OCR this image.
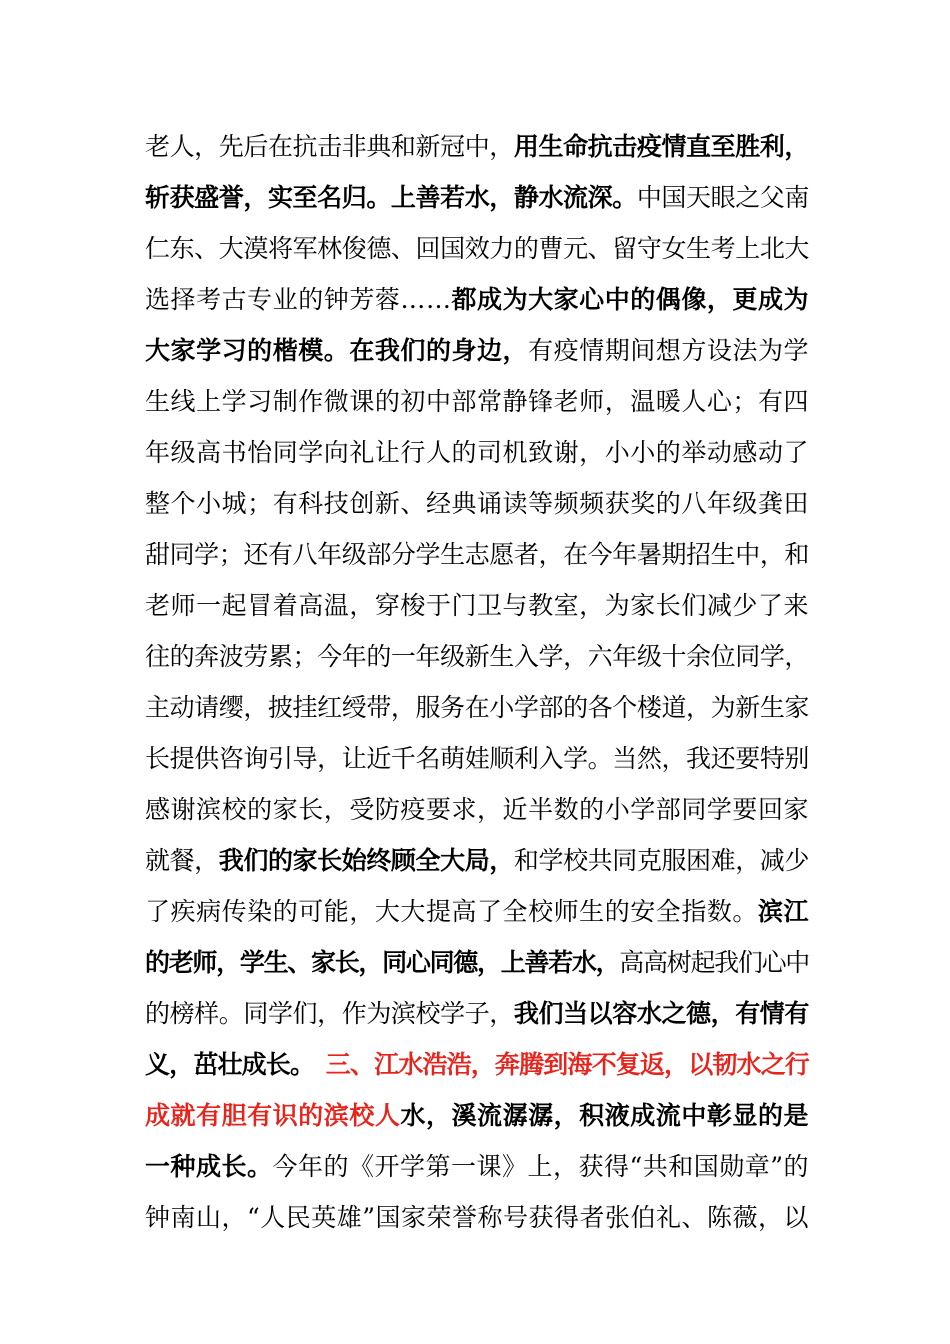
老人，先后在抗击非典和新冠中，用生命抗击疫情直至胜利，
斩获盛誉，实至名归。上善若水，静水流深。中国天眼之父南
仁东、大漠将军林俊德、回国效力的曹元、留守女生考上北大
选择考古专业的钟芳蓉……都成为大家心中的偶像，更成为
大家学习的楷模。在我们的身边，有疫情期间想方设法为学
生线上学习制作微课的初中部常静锋老师，温暖人心；有四
年级高书怡同学向礼让行人的司机致谢，小小的举动感动了
整个小城；有科技创新、经典诵读等频频获奖的八年级龚田
甜同学；还有八年级部分学生志愿者，在今年暑期招生中，和
老师一起冒着高温，穿梭于门卫与教室，为家长们减少了来
往的奔波劳累；今年的一年级新生入学，六年级十余位同学，
主动请缨，披挂红绶带，服务在小学部的各个楼道，为新生家
长提供咨询引导，让近千名萌娃顺利入学。当然，我还要特别
感谢滨校的家长，受防疫要求，近半数的小学部同学要回家
就餐，我们的家长始终顾全大局，和学校共同克服困难，减少
了疾病传染的可能，大大提高了全校师生的安全指数。滨江
的老师，学生、家长，同心同德，上善若水，高高树起我们心中
的榜样。同学们，作为滨校学子，我们当以容水之德，有情有
义，茁壮成长。　三、江水浩浩，奔腾到海不复返，以韧水之行
成就有胆有识的滨校人水，溪流潺潺，积液成流中彰显的是
一种成长。今年的《开学第一课》上，获得“共和国勋章”的
钟南山，“人民英雄”国家荣誉称号获得者张伯礼、陈薇，以
